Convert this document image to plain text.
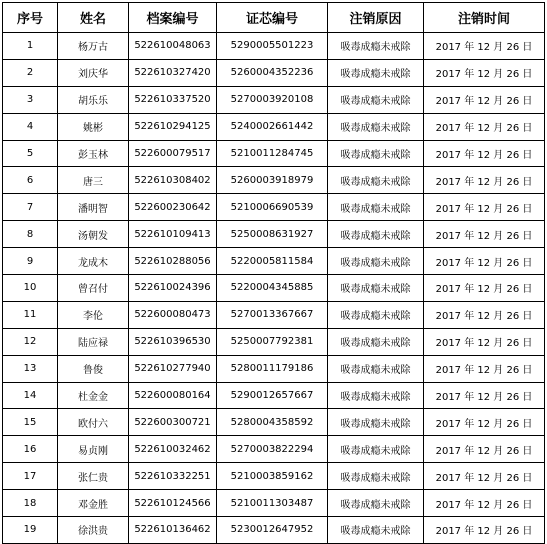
序号	姓名	档案编号	证芯编号	注销原因	注销时间
1	杨万古	522610048063	5290005501223	吸毒成瘾未戒除	2017 年 12 月 26 日
2	刘庆华	522610327420	5260004352236	吸毒成瘾未戒除	2017 年 12 月 26 日
3	胡乐乐	522610337520	5270003920108	吸毒成瘾未戒除	2017 年 12 月 26 日
4	姚彬	522610294125	5240002661442	吸毒成瘾未戒除	2017 年 12 月 26 日
5	彭玉林	522600079517	5210011284745	吸毒成瘾未戒除	2017 年 12 月 26 日
6	唐三	522610308402	5260003918979	吸毒成瘾未戒除	2017 年 12 月 26 日
7	潘明智	522600230642	5210006690539	吸毒成瘾未戒除	2017 年 12 月 26 日
8	汤朝发	522610109413	5250008631927	吸毒成瘾未戒除	2017 年 12 月 26 日
9	龙成木	522610288056	5220005811584	吸毒成瘾未戒除	2017 年 12 月 26 日
10	曾召付	522610024396	5220004345885	吸毒成瘾未戒除	2017 年 12 月 26 日
11	李伦	522600080473	5270013367667	吸毒成瘾未戒除	2017 年 12 月 26 日
12	陆应禄	522610396530	5250007792381	吸毒成瘾未戒除	2017 年 12 月 26 日
13	鲁俊	522610277940	5280011179186	吸毒成瘾未戒除	2017 年 12 月 26 日
14	杜金金	522600080164	5290012657667	吸毒成瘾未戒除	2017 年 12 月 26 日
15	欧付六	522600300721	5280004358592	吸毒成瘾未戒除	2017 年 12 月 26 日
16	易贞刚	522610032462	5270003822294	吸毒成瘾未戒除	2017 年 12 月 26 日
17	张仁贵	522610332251	5210003859162	吸毒成瘾未戒除	2017 年 12 月 26 日
18	邓金胜	522610124566	5210011303487	吸毒成瘾未戒除	2017 年 12 月 26 日
19	徐洪贵	522610136462	5230012647952	吸毒成瘾未戒除	2017 年 12 月 26 日
